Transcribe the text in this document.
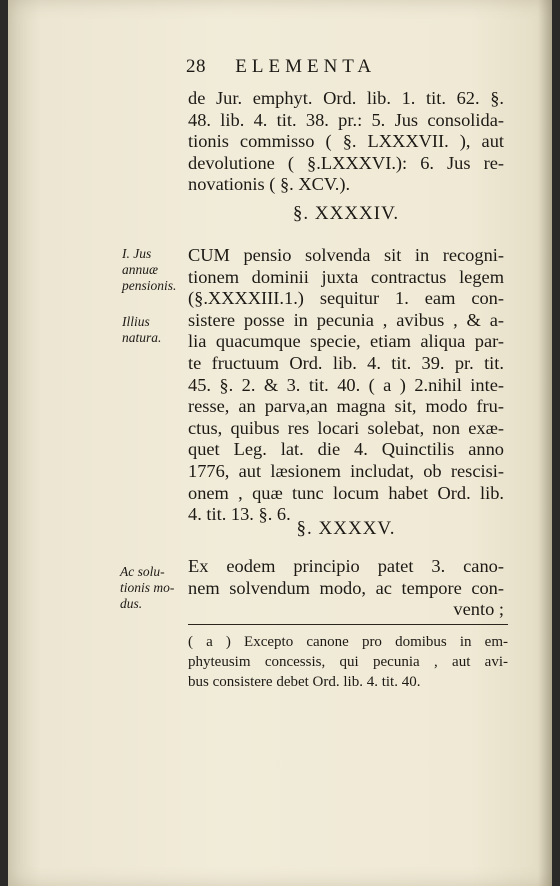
28 ELEMENTA
de Jur. emphyt. Ord. lib. 1. tit. 62. §.
48. lib. 4. tit. 38. pr.: 5. Jus consolida-
tionis commisso ( §. LXXXVII. ), aut
devolutione ( §.LXXXVI.): 6. Jus re-
novationis ( §. XCV.).
§. XXXXIV.
I. Jus
annuæ
pensionis.
Illius
natura.
CUM pensio solvenda sit in recogni-
tionem dominii juxta contractus legem
(§.XXXXIII.1.) sequitur 1. eam con-
sistere posse in pecunia , avibus , & a-
lia quacumque specie, etiam aliqua par-
te fructuum Ord. lib. 4. tit. 39. pr. tit.
45. §. 2. & 3. tit. 40. ( a ) 2.nihil inte-
resse, an parva,an magna sit, modo fru-
ctus, quibus res locari solebat, non exæ-
quet Leg. lat. die 4. Quinctilis anno
1776, aut læsionem includat, ob rescisi-
onem , quæ tunc locum habet Ord. lib.
4. tit. 13. §. 6.
§. XXXXV.
Ac solu-
tionis mo-
dus.
Ex eodem principio patet 3. cano-
nem solvendum modo, ac tempore con-
vento ;
( a ) Excepto canone pro domibus in em-
phyteusim concessis, qui pecunia , aut avi-
bus consistere debet Ord. lib. 4. tit. 40.
